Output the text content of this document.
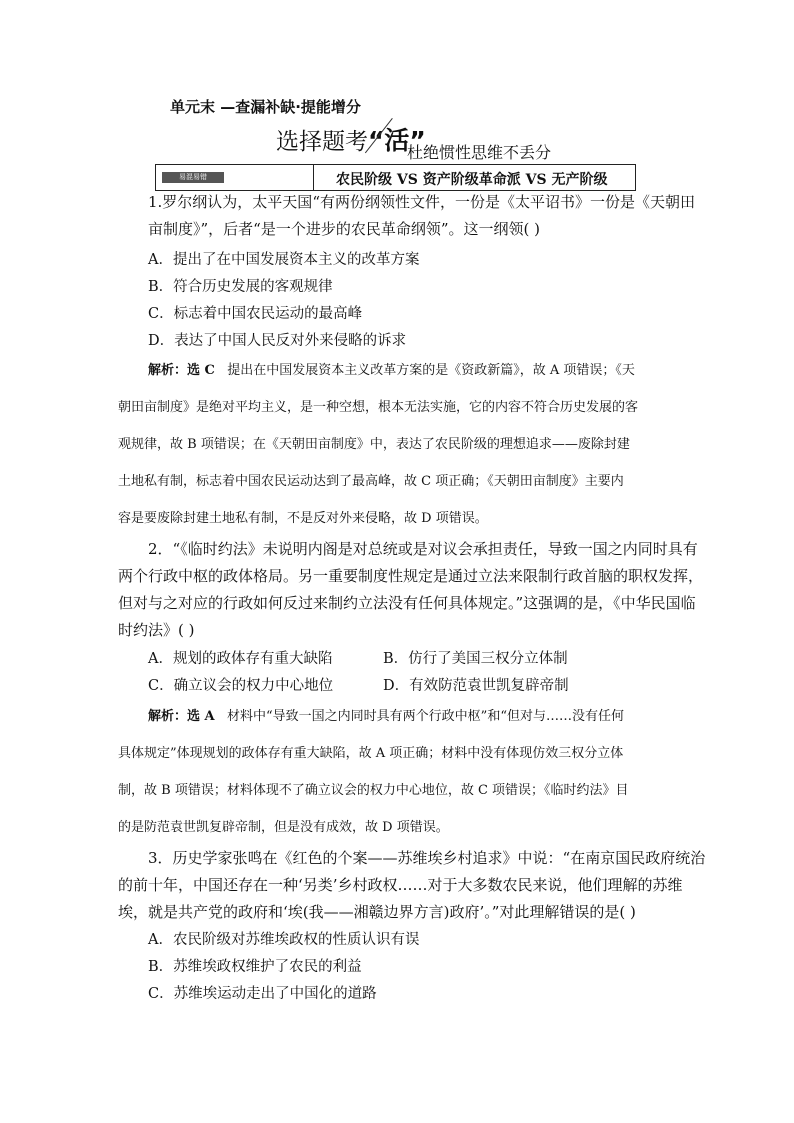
单元末 —查漏补缺·提能增分
选择题考“活”
杜绝惯性思维不丢分
易混易错	农民阶级 VS 资产阶级革命派 VS 无产阶级
1.罗尔纲认为，太平天国“有两份纲领性文件，一份是《太平诏书》一份是《天朝田
亩制度》”，后者“是一个进步的农民革命纲领”。这一纲领( )
A．提出了在中国发展资本主义的改革方案
B．符合历史发展的客观规律
C．标志着中国农民运动的最高峰
D．表达了中国人民反对外来侵略的诉求
解析：选 C 提出在中国发展资本主义改革方案的是《资政新篇》，故 A 项错误；《天
朝田亩制度》是绝对平均主义，是一种空想，根本无法实施，它的内容不符合历史发展的客
观规律，故 B 项错误；在《天朝田亩制度》中，表达了农民阶级的理想追求——废除封建
土地私有制，标志着中国农民运动达到了最高峰，故 C 项正确；《天朝田亩制度》主要内
容是要废除封建土地私有制，不是反对外来侵略，故 D 项错误。
2．“《临时约法》未说明内阁是对总统或是对议会承担责任，导致一国之内同时具有
两个行政中枢的政体格局。另一重要制度性规定是通过立法来限制行政首脑的职权发挥，
但对与之对应的行政如何反过来制约立法没有任何具体规定。”这强调的是，《中华民国临
时约法》( )
A．规划的政体存有重大缺陷	B．仿行了美国三权分立体制
C．确立议会的权力中心地位	D．有效防范袁世凯复辟帝制
解析：选 A 材料中“导致一国之内同时具有两个行政中枢”和“但对与……没有任何
具体规定”体现规划的政体存有重大缺陷，故 A 项正确；材料中没有体现仿效三权分立体
制，故 B 项错误；材料体现不了确立议会的权力中心地位，故 C 项错误；《临时约法》目
的是防范袁世凯复辟帝制，但是没有成效，故 D 项错误。
3．历史学家张鸣在《红色的个案——苏维埃乡村追求》中说：“在南京国民政府统治
的前十年，中国还存在一种‘另类’乡村政权……对于大多数农民来说，他们理解的苏维
埃，就是共产党的政府和‘埃(我——湘赣边界方言)政府’。”对此理解错误的是( )
A．农民阶级对苏维埃政权的性质认识有误
B．苏维埃政权维护了农民的利益
C．苏维埃运动走出了中国化的道路
